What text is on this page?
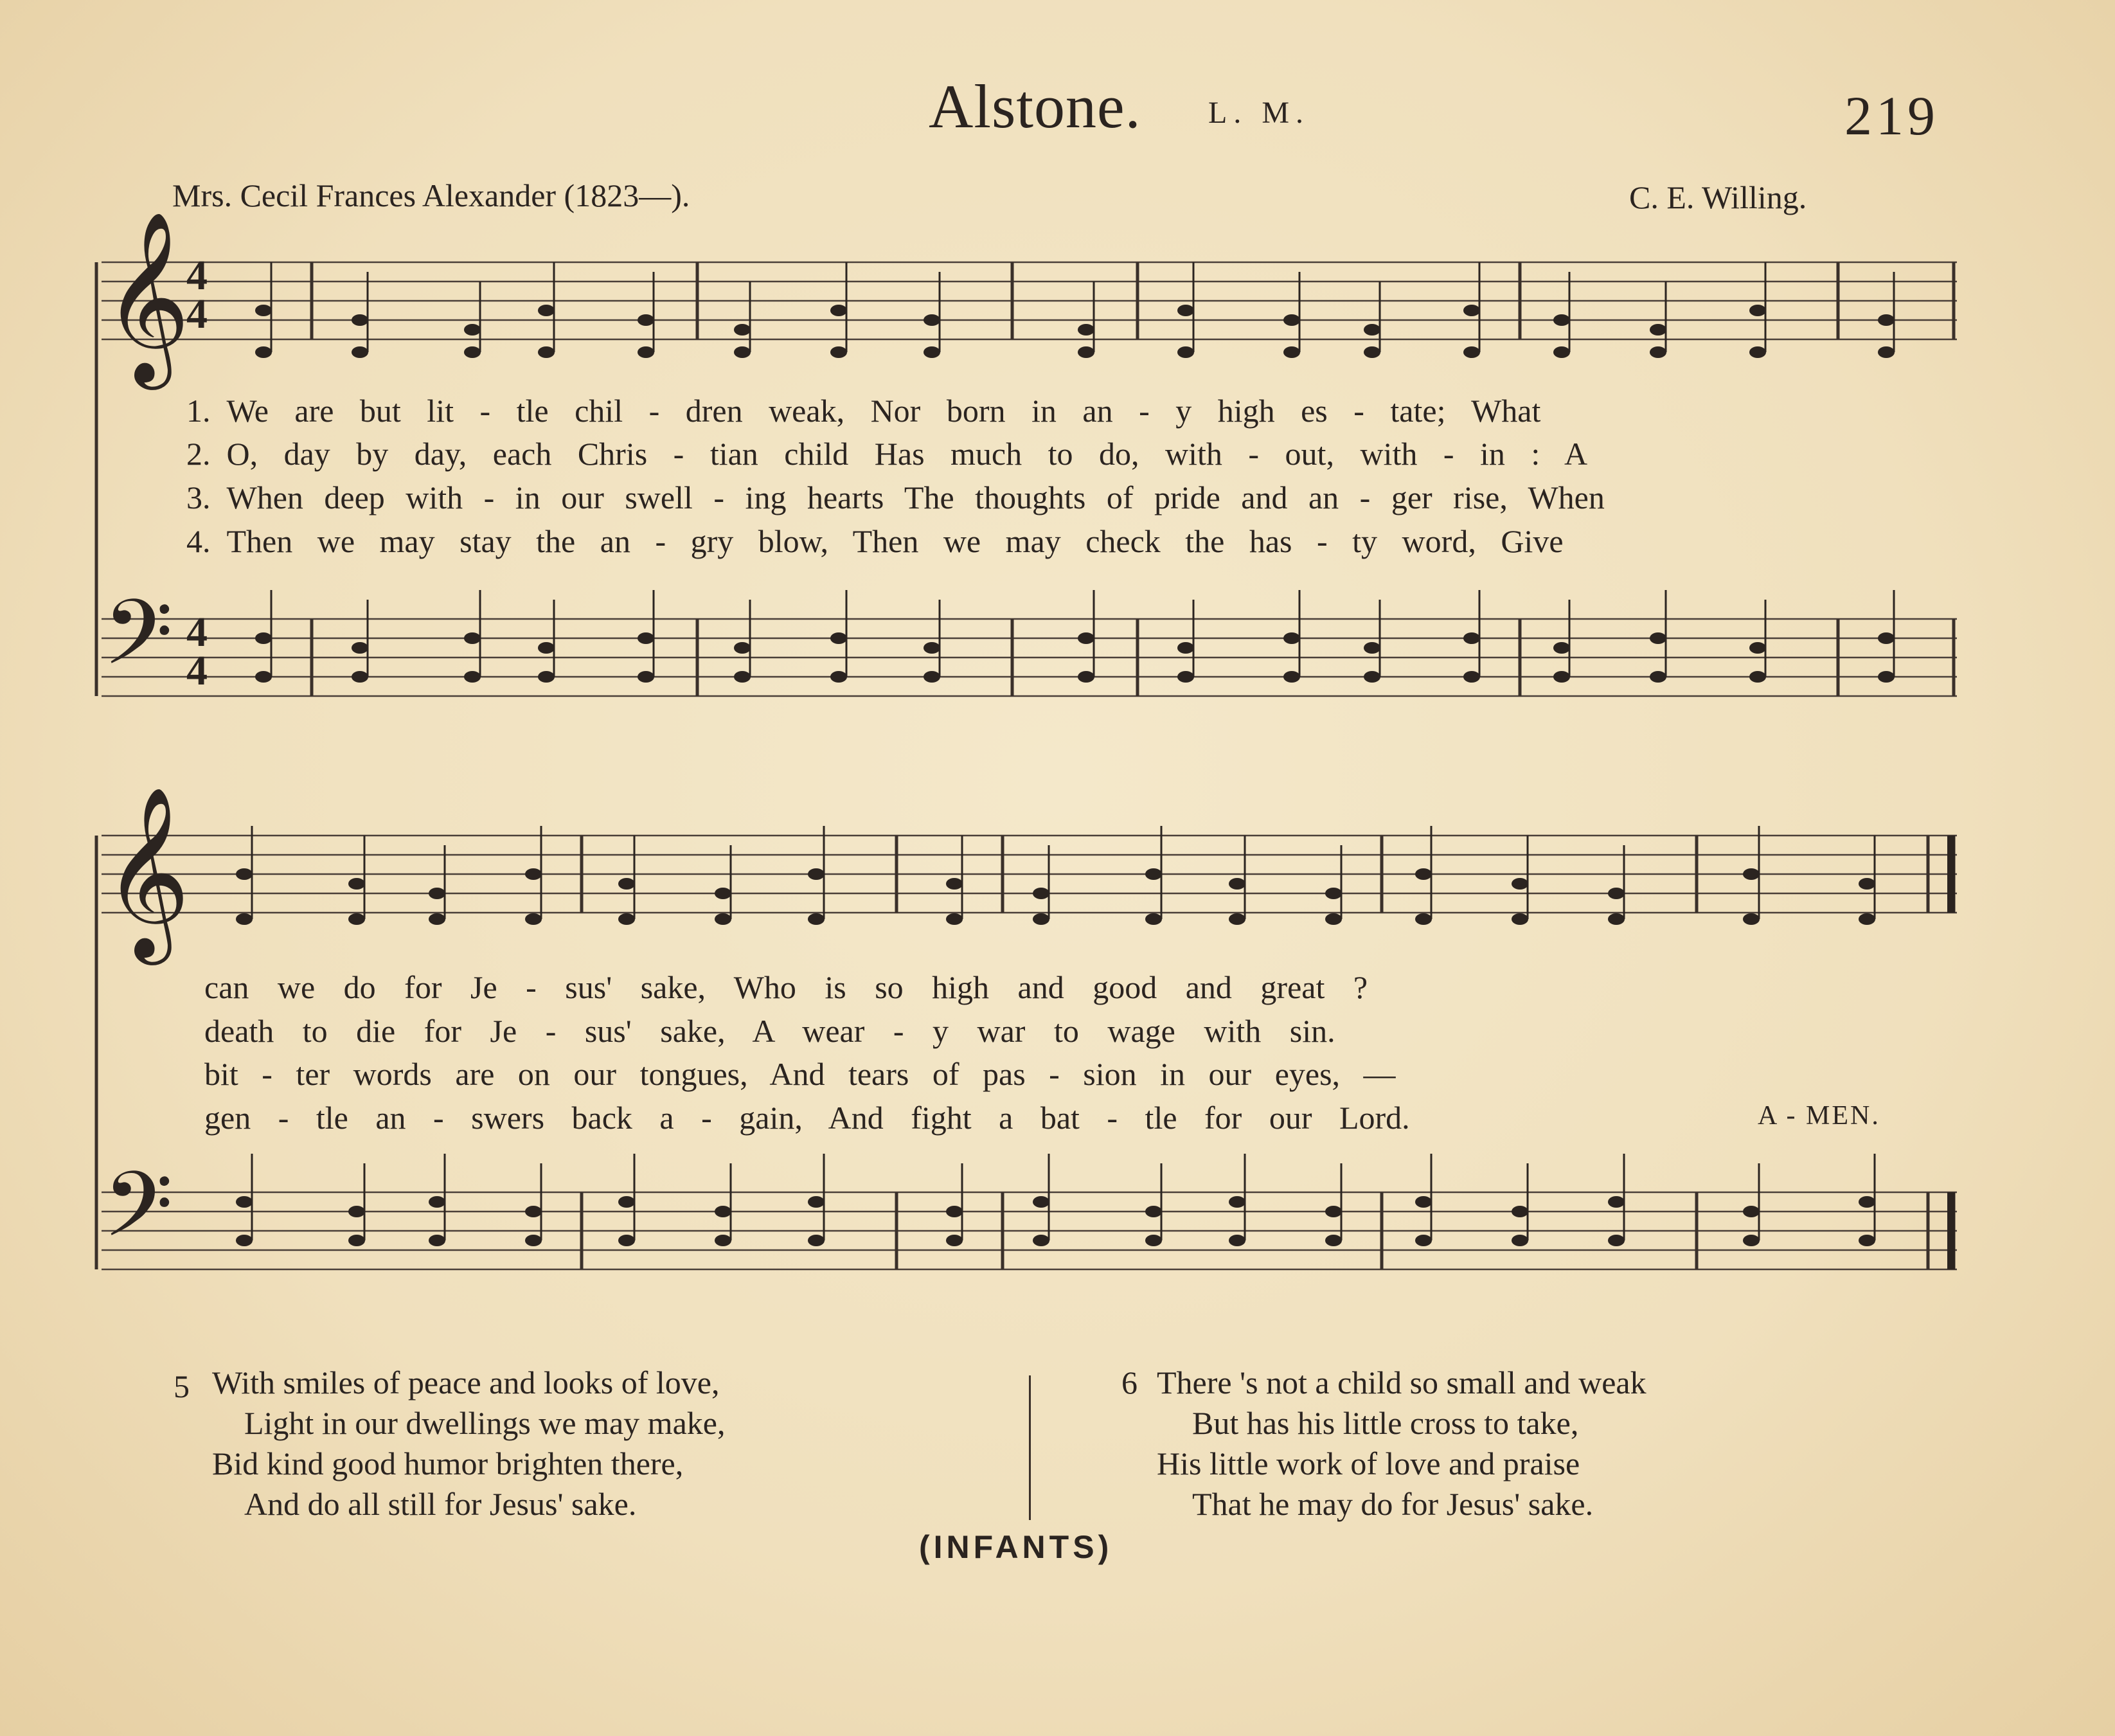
Alstone. L. M.	219
Mrs. Cecil Frances Alexander (1823—).	C. E. Willing.
𝄞
𝄢
𝄞
𝄢
4
4
4
4
1. We are but lit - tle chil - dren weak, Nor born in an - y high es - tate; What
2. O, day by day, each Chris - tian child Has much to do, with - out, with - in : A
3. When deep with - in our swell - ing hearts The thoughts of pride and an - ger rise, When
4. Then we may stay the an - gry blow, Then we may check the has - ty word, Give
can we do for Je - sus' sake, Who is so high and good and great ?
death to die for Je - sus' sake, A wear - y war to wage with sin.
bit - ter words are on our tongues, And tears of pas - sion in our eyes, —
gen - tle an - swers back a - gain, And fight a bat - tle for our Lord.	A - MEN.
5 With smiles of peace and looks of love,
Light in our dwellings we may make,
Bid kind good humor brighten there,
And do all still for Jesus' sake.
6 There 's not a child so small and weak
But has his little cross to take,
His little work of love and praise
That he may do for Jesus' sake.
(INFANTS)
